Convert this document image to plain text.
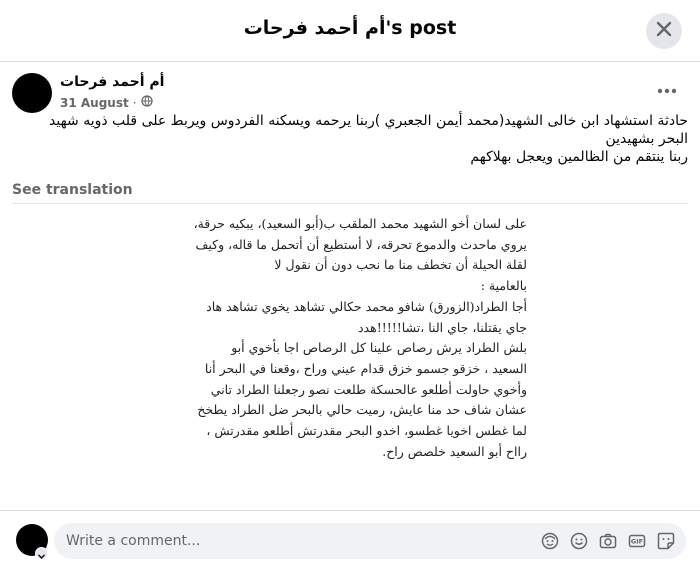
أم أحمد فرحات's post
أم أحمد فرحات
31 August ·
حادثة استشهاد ابن خالى الشهيد(محمد أيمن الجعبري )ربنا يرحمه ويسكنه الفردوس ويربط على قلب ذويه شهيد
البحر بشهيدين
ربنا ينتقم من الظالمين ويعجل بهلاكهم
See translation
على لسان أخو الشهيد محمد الملقب ب(أبو السعيد)، يبكيه حرقة،
يروي ماحدث والدموع تحرقه، لا أستطيع أن أتحمل ما قاله، وكيف
لقلة الحيلة أن تخطف منا ما نحب دون أن نقول لا
بالعامية :
أجا الطراد(الزورق) شافو محمد حكالي تشاهد يخوي تشاهد هاد
جاي يقتلنا، جاي النا ،تشا!!!!!هدد
بلش الطراد يرش رصاص علينا كل الرصاص اجا بأخوي أبو
السعيد ، خزقو جسمو خزق قدام عيني وراح ،وقعنا في البحر أنا
وأخوي حاولت أطلعو عالحسكة طلعت نصو رجعلنا الطراد تاني
عشان شاف حد منا عايش، رميت حالي بالبحر ضل الطراد يطخخ
لما غطس اخويا غطسو، اخدو البحر مقدرتش أطلعو مقدرتش ،
رااح أبو السعيد خلصص راح.
Write a comment...
GIF
